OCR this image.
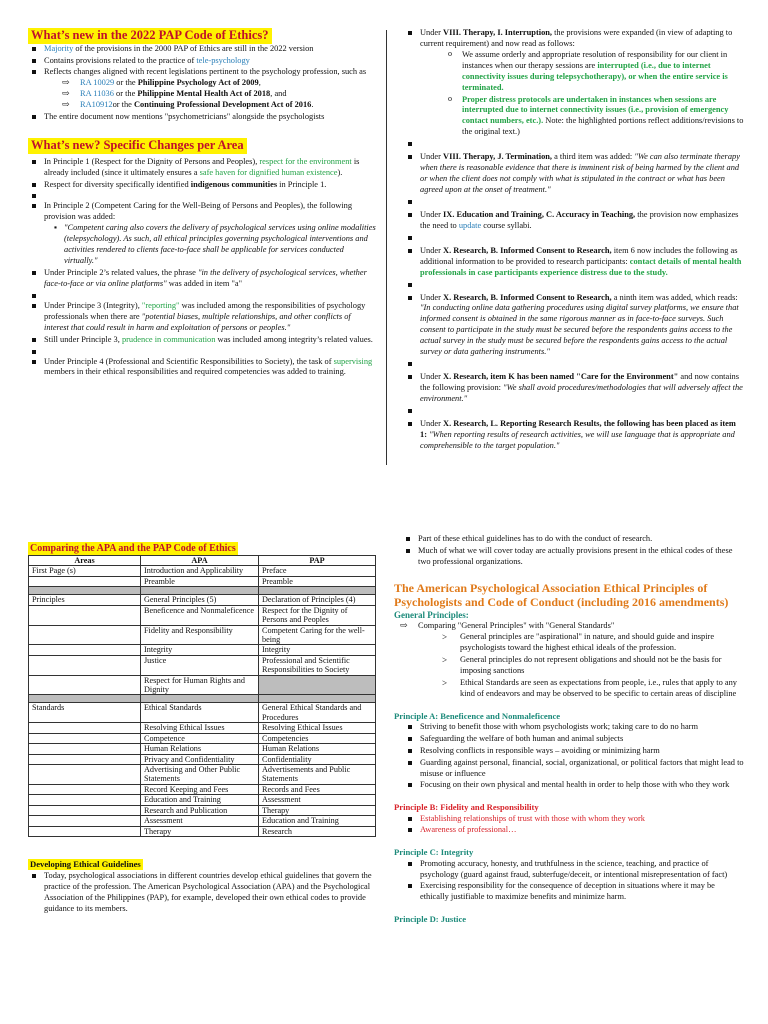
What’s new in the 2022 PAP Code of Ethics?
Majority of the provisions in the 2000 PAP of Ethics are still in the 2022 version
Contains provisions related to the practice of tele-psychology
Reflects changes aligned with recent legislations pertinent to the psychology profession, such as
⇨ RA 10029 or the Philippine Psychology Act of 2009,
⇨ RA 11036 or the Philippine Mental Health Act of 2018, and
⇨ RA10912or the Continuing Professional Development Act of 2016.
The entire document now mentions "psychometricians" alongside the psychologists
What’s new? Specific Changes per Area
In Principle 1 (Respect for the Dignity of Persons and Peoples), respect for the environment is already included (since it ultimately ensures a safe haven for dignified human existence).
Respect for diversity specifically identified indigenous communities in Principle 1.
In Principle 2 (Competent Caring for the Well-Being of Persons and Peoples), the following provision was added:
▪ "Competent caring also covers the delivery of psychological services using online modalities (telepsychology). As such, all ethical principles governing psychological interventions and activities rendered to clients face-to-face shall be applicable for services conducted virtually."
Under Principle 2’s related values, the phrase "in the delivery of psychological services, whether face-to-face or via online platforms" was added in item "a"
Under Principe 3 (Integrity), "reporting" was included among the responsibilities of psychology professionals when there are "potential biases, multiple relationships, and other conflicts of interest that could result in harm and exploitation of persons or peoples."
Still under Principle 3, prudence in communication was included among integrity’s related values.
Under Principle 4 (Professional and Scientific Responsibilities to Society), the task of supervising members in their ethical responsibilities and required competencies was added to training.
Under VIII. Therapy, I. Interruption, the provisions were expanded (in view of adapting to current requirement) and now read as follows:
o We assume orderly and appropriate resolution of responsibility for our client in instances when our therapy sessions are interrupted (i.e., due to internet connectivity issues during telepsychotherapy), or when the entire service is terminated.
o Proper distress protocols are undertaken in instances when sessions are interrupted due to internet connectivity issues (i.e., provision of emergency contact numbers, etc.). Note: the highlighted portions reflect additions/revisions to the original text.)
Under VIII. Therapy, J. Termination, a third item was added: "We can also terminate therapy when there is reasonable evidence that there is imminent risk of being harmed by the client and or when the client does not comply with what is stipulated in the contract or what has been agreed upon at the onset of treatment."
Under IX. Education and Training, C. Accuracy in Teaching, the provision now emphasizes the need to update course syllabi.
Under X. Research, B. Informed Consent to Research, item 6 now includes the following as additional information to be provided to research participants: contact details of mental health professionals in case participants experience distress due to the study.
Under X. Research, B. Informed Consent to Research, a ninth item was added, which reads: "In conducting online data gathering procedures using digital survey platforms, we ensure that informed consent is obtained in the same rigorous manner as in face-to-face surveys. Such consent to participate in the study must be secured before the respondents gains access to the actual survey in the study must be secured before the respondents gains access to the actual survey or data gathering instruments."
Under X. Research, item K has been named "Care for the Environment" and now contains the following provision: "We shall avoid procedures/methodologies that will adversely affect the environment."
Under X. Research, L. Reporting Research Results, the following has been placed as item 1: "When reporting results of research activities, we will use language that is appropriate and comprehensible to the target population."
Comparing the APA and the PAP Code of Ethics
Areas	APA	PAP
First Page (s)	Introduction and Applicability	Preface
	Preamble	Preamble

Principles	General Principles (5)	Declaration of Principles (4)
	Beneficence and Nonmaleficence	Respect for the Dignity of Persons and Peoples
	Fidelity and Responsibility	Competent Caring for the well-being
	Integrity	Integrity
	Justice	Professional and Scientific Responsibilities to Society
	Respect for Human Rights and Dignity	

Standards	Ethical Standards	General Ethical Standards and Procedures
	Resolving Ethical Issues	Resolving Ethical Issues
	Competence	Competencies
	Human Relations	Human Relations
	Privacy and Confidentiality	Confidentiality
	Advertising and Other Public Statements	Advertisements and Public Statements
	Record Keeping and Fees	Records and Fees
	Education and Training	Assessment
	Research and Publication	Therapy
	Assessment	Education and Training
	Therapy	Research
Developing Ethical Guidelines
Today, psychological associations in different countries develop ethical guidelines that govern the practice of the profession. The American Psychological Association (APA) and the Psychological Association of the Philippines (PAP), for example, developed their own ethical codes to provide guidance to its members.
Part of these ethical guidelines has to do with the conduct of research.
Much of what we will cover today are actually provisions present in the ethical codes of these two professional organizations.
The American Psychological Association Ethical Principles of Psychologists and Code of Conduct (including 2016 amendments)
General Principles:
⇨ Comparing "General Principles" with "General Standards"
> General principles are "aspirational" in nature, and should guide and inspire psychologists toward the highest ethical ideals of the profession.
> General principles do not represent obligations and should not be the basis for imposing sanctions
> Ethical Standards are seen as expectations from people, i.e., rules that apply to any kind of endeavors and may be observed to be specific to certain areas of discipline
Principle A: Beneficence and Nonmaleficence
Striving to benefit those with whom psychologists work; taking care to do no harm
Safeguarding the welfare of both human and animal subjects
Resolving conflicts in responsible ways – avoiding or minimizing harm
Guarding against personal, financial, social, organizational, or political factors that might lead to misuse or influence
Focusing on their own physical and mental health in order to help those with who they work
Principle B: Fidelity and Responsibility
Establishing relationships of trust with those with whom they work
Awareness of professional…
Principle C: Integrity
Promoting accuracy, honesty, and truthfulness in the science, teaching, and practice of psychology (guard against fraud, subterfuge/deceit, or intentional misrepresentation of fact)
Exercising responsibility for the consequence of deception in situations where it may be ethically justifiable to maximize benefits and minimize harm.
Principle D: Justice
